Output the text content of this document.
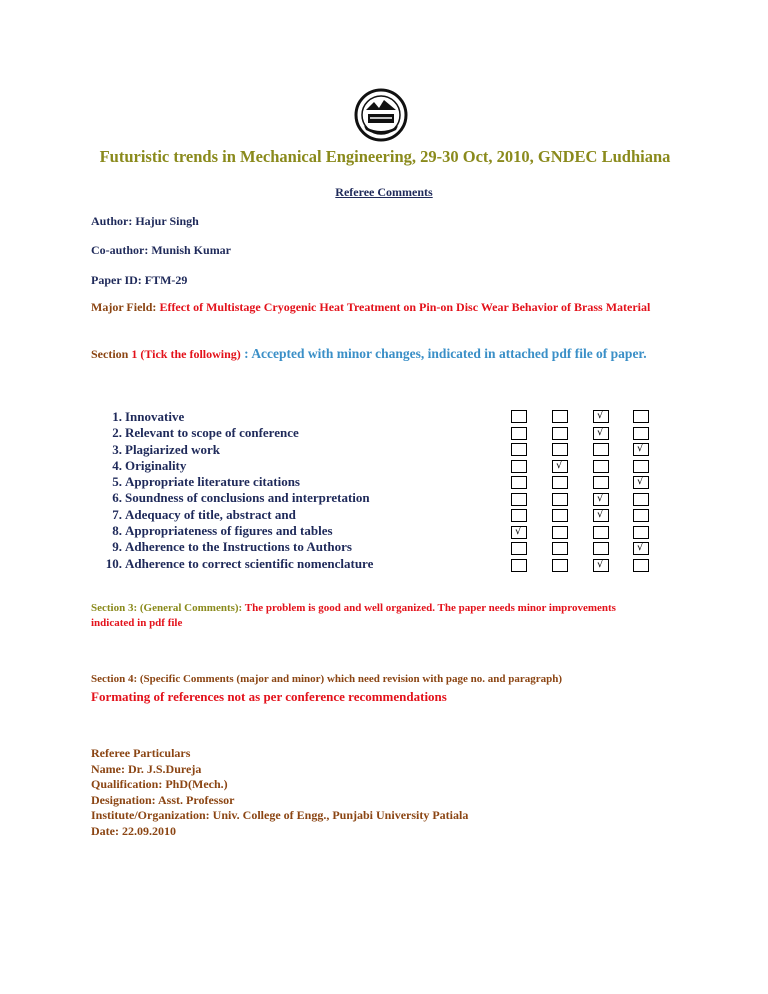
Futuristic trends in Mechanical Engineering, 29-30 Oct, 2010, GNDEC Ludhiana
Referee Comments
Author: Hajur Singh
Co-author: Munish Kumar
Paper ID: FTM-29
Major Field: Effect of Multistage Cryogenic Heat Treatment on Pin-on Disc Wear Behavior of Brass Material
Section 1 (Tick the following) : Accepted with minor changes, indicated in attached pdf file of paper.
1. Innovative
2. Relevant to scope of conference
3. Plagiarized work
4. Originality
5. Appropriate literature citations
6. Soundness of conclusions and interpretation
7. Adequacy of title, abstract and
8. Appropriateness of figures and tables
9. Adherence to the Instructions to Authors
10. Adherence to correct scientific nomenclature
√
√
√
√
√
√
√
√
√
√
Section 3: (General Comments): The problem is good and well organized. The paper needs minor improvements indicated in pdf file
Section 4: (Specific Comments (major and minor) which need revision with page no. and paragraph)
Formating of references not as per conference recommendations
Referee Particulars
Name: Dr. J.S.Dureja
Qualification: PhD(Mech.)
Designation: Asst. Professor
Institute/Organization: Univ. College of Engg., Punjabi University Patiala
Date: 22.09.2010
